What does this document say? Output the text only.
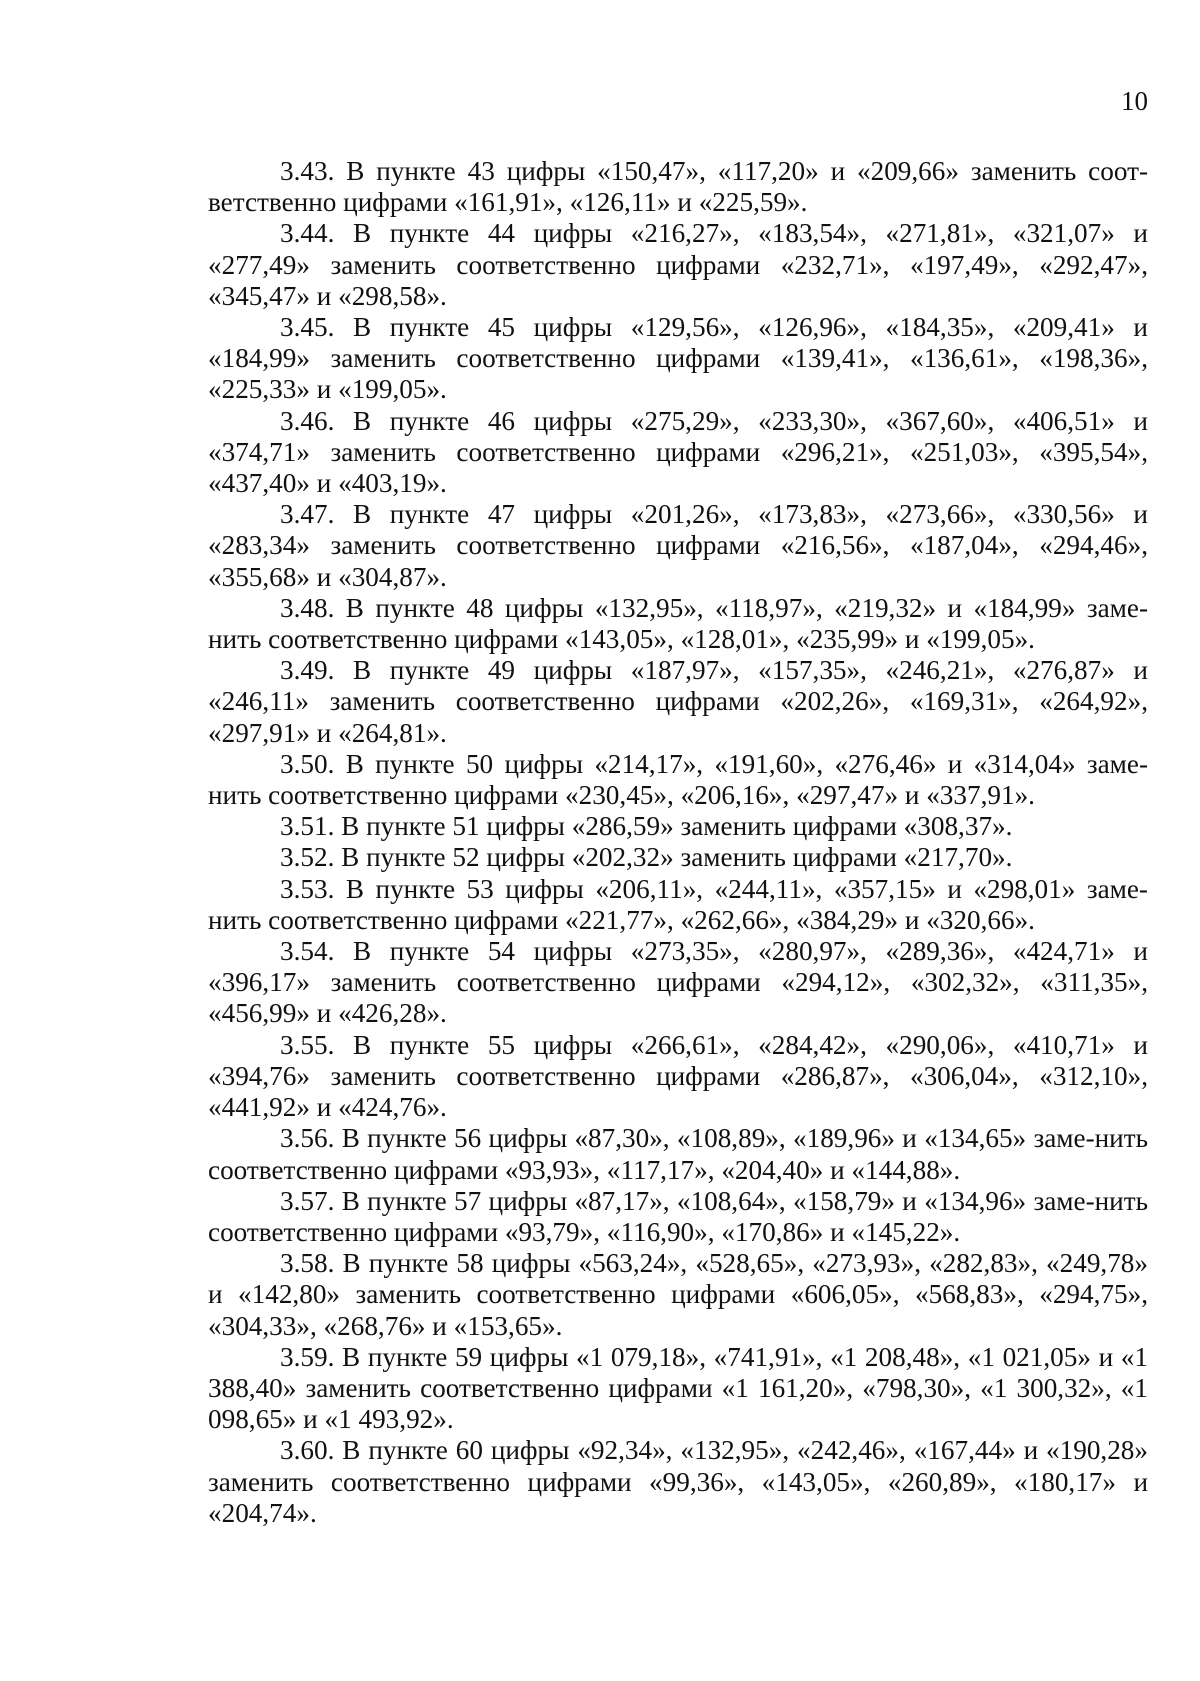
10

3.43. В пункте 43 цифры «150,47», «117,20» и «209,66» заменить соот-ветственно цифрами «161,91», «126,11» и «225,59».

3.44. В пункте 44 цифры «216,27», «183,54», «271,81», «321,07» и «277,49» заменить соответственно цифрами «232,71», «197,49», «292,47», «345,47» и «298,58».

3.45. В пункте 45 цифры «129,56», «126,96», «184,35», «209,41» и «184,99» заменить соответственно цифрами «139,41», «136,61», «198,36», «225,33» и «199,05».

3.46. В пункте 46 цифры «275,29», «233,30», «367,60», «406,51» и «374,71» заменить соответственно цифрами «296,21», «251,03», «395,54», «437,40» и «403,19».

3.47. В пункте 47 цифры «201,26», «173,83», «273,66», «330,56» и «283,34» заменить соответственно цифрами «216,56», «187,04», «294,46», «355,68» и «304,87».

3.48. В пункте 48 цифры «132,95», «118,97», «219,32» и «184,99» заме-нить соответственно цифрами «143,05», «128,01», «235,99» и «199,05».

3.49. В пункте 49 цифры «187,97», «157,35», «246,21», «276,87» и «246,11» заменить соответственно цифрами «202,26», «169,31», «264,92», «297,91» и «264,81».

3.50. В пункте 50 цифры «214,17», «191,60», «276,46» и «314,04» заме-нить соответственно цифрами «230,45», «206,16», «297,47» и «337,91».

3.51. В пункте 51 цифры «286,59» заменить цифрами «308,37».

3.52. В пункте 52 цифры «202,32» заменить цифрами «217,70».

3.53. В пункте 53 цифры «206,11», «244,11», «357,15» и «298,01» заме-нить соответственно цифрами «221,77», «262,66», «384,29» и «320,66».

3.54. В пункте 54 цифры «273,35», «280,97», «289,36», «424,71» и «396,17» заменить соответственно цифрами «294,12», «302,32», «311,35», «456,99» и «426,28».

3.55. В пункте 55 цифры «266,61», «284,42», «290,06», «410,71» и «394,76» заменить соответственно цифрами «286,87», «306,04», «312,10», «441,92» и «424,76».

3.56. В пункте 56 цифры «87,30», «108,89», «189,96» и «134,65» заме-нить соответственно цифрами «93,93», «117,17», «204,40» и «144,88».

3.57. В пункте 57 цифры «87,17», «108,64», «158,79» и «134,96» заме-нить соответственно цифрами «93,79», «116,90», «170,86» и «145,22».

3.58. В пункте 58 цифры «563,24», «528,65», «273,93», «282,83», «249,78» и «142,80» заменить соответственно цифрами «606,05», «568,83», «294,75», «304,33», «268,76» и «153,65».

3.59. В пункте 59 цифры «1 079,18», «741,91», «1 208,48», «1 021,05» и «1 388,40» заменить соответственно цифрами «1 161,20», «798,30», «1 300,32», «1 098,65» и «1 493,92».

3.60. В пункте 60 цифры «92,34», «132,95», «242,46», «167,44» и «190,28» заменить соответственно цифрами «99,36», «143,05», «260,89», «180,17» и «204,74».
